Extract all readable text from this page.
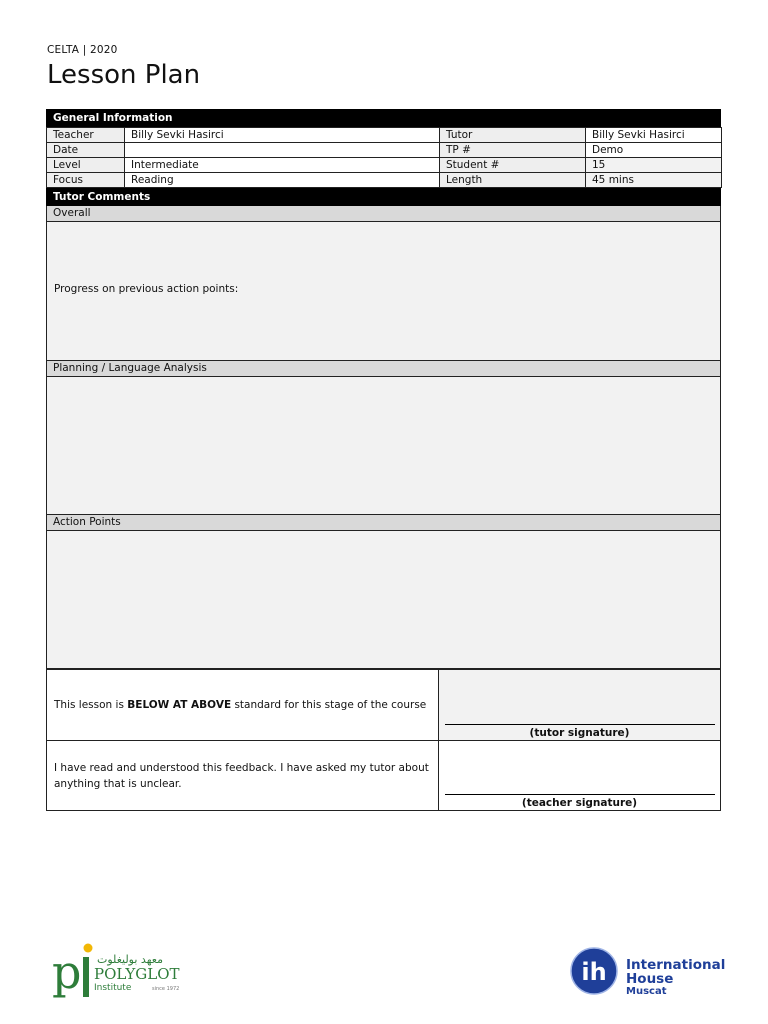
CELTA | 2020
Lesson Plan
General Information
Teacher	Billy Sevki Hasirci	Tutor	Billy Sevki Hasirci
Date		TP #	Demo
Level	Intermediate	Student #	15
Focus	Reading	Length	45 mins
Tutor Comments
Overall
Progress on previous action points:
Planning / Language Analysis
Action Points
This lesson is BELOW AT ABOVE standard for this stage of the course
(tutor signature)
I have read and understood this feedback. I have asked my tutor about anything that is unclear.
(teacher signature)
p معهد بوليغلوت
POLYGLOT
Institute	since 1972
ih International
House
Muscat
